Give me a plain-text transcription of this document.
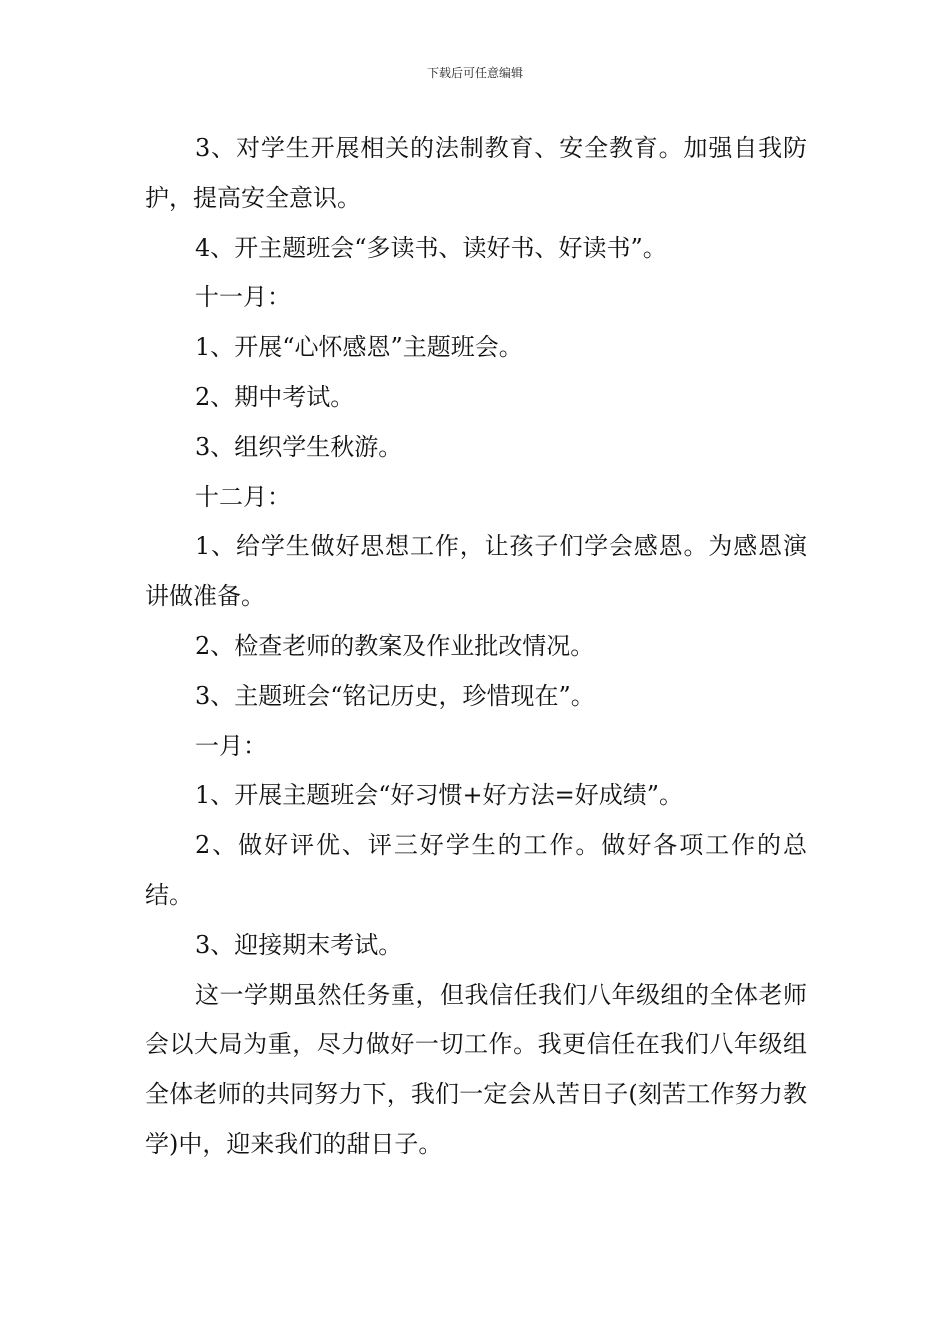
下载后可任意编辑

3、对学生开展相关的法制教育、安全教育。加强自我防护，提高安全意识。

4、开主题班会“多读书、读好书、好读书”。

十一月：

1、开展“心怀感恩”主题班会。

2、期中考试。

3、组织学生秋游。

十二月：

1、给学生做好思想工作，让孩子们学会感恩。为感恩演讲做准备。

2、检查老师的教案及作业批改情况。

3、主题班会“铭记历史，珍惜现在”。

一月：

1、开展主题班会“好习惯+好方法=好成绩”。

2、做好评优、评三好学生的工作。做好各项工作的总结。

3、迎接期末考试。

这一学期虽然任务重，但我信任我们八年级组的全体老师会以大局为重，尽力做好一切工作。我更信任在我们八年级组全体老师的共同努力下，我们一定会从苦日子(刻苦工作努力教学)中，迎来我们的甜日子。
